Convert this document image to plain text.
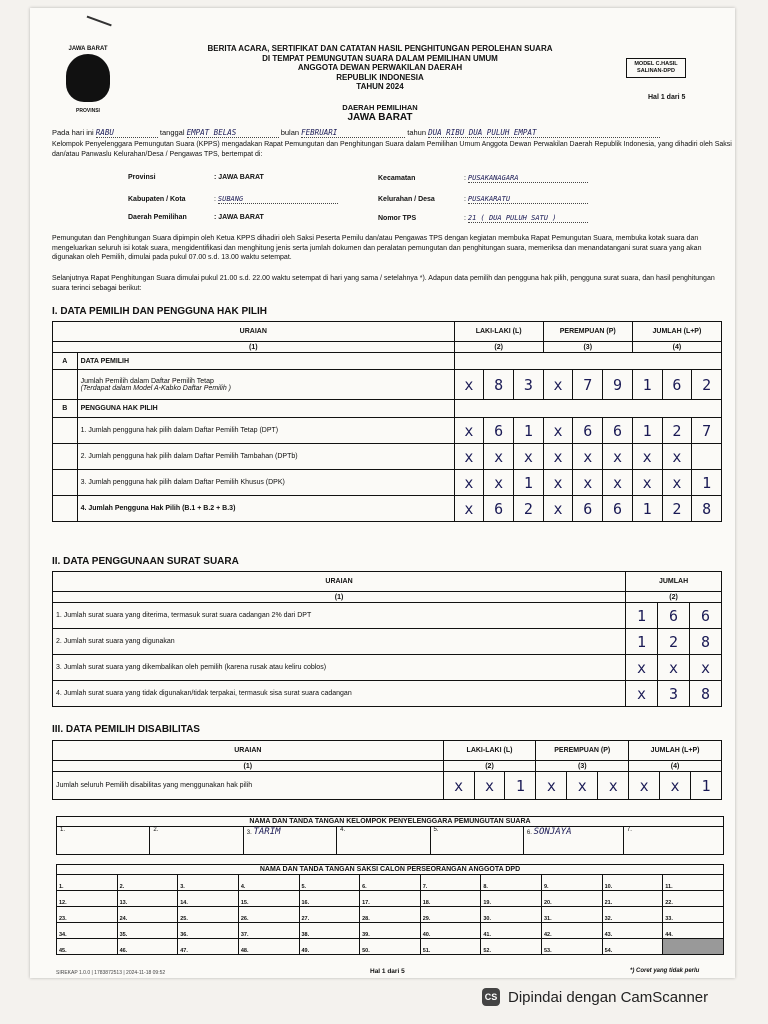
JAWA BARAT
PROVINSI
BERITA ACARA, SERTIFIKAT DAN CATATAN HASIL PENGHITUNGAN PEROLEHAN SUARA
DI TEMPAT PEMUNGUTAN SUARA DALAM PEMILIHAN UMUM
ANGGOTA DEWAN PERWAKILAN DAERAH
REPUBLIK INDONESIA
TAHUN 2024
MODEL C.HASIL
SALINAN-DPD
Hal 1 dari 5
DAERAH PEMILIHAN
JAWA BARAT
Pada hari ini RABU	tanggal EMPAT BELAS	bulan FEBRUARI	tahun DUA RIBU DUA PULUH EMPAT
Kelompok Penyelenggara Pemungutan Suara (KPPS) mengadakan Rapat Pemungutan dan Penghitungan Suara dalam Pemilihan Umum Anggota Dewan Perwakilan Daerah Republik Indonesia, yang dihadiri oleh Saksi dan/atau Panwaslu Kelurahan/Desa / Pengawas TPS, bertempat di:
Provinsi	: JAWA BARAT
Kabupaten / Kota	: SUBANG
Daerah Pemilihan	: JAWA BARAT
Kecamatan	: PUSAKANAGARA
Kelurahan / Desa	: PUSAKARATU
Nomor TPS	: 21 ( DUA PULUH SATU )
Pemungutan dan Penghitungan Suara dipimpin oleh Ketua KPPS dihadiri oleh Saksi Peserta Pemilu dan/atau Pengawas TPS dengan kegiatan membuka Rapat Pemungutan Suara, membuka kotak suara dan mengeluarkan seluruh isi kotak suara, mengidentifikasi dan menghitung jenis serta jumlah dokumen dan peralatan pemungutan dan penghitungan suara, memeriksa dan menandatangani surat suara yang akan digunakan oleh Pemilih, dimulai pada pukul 07.00 s.d. 13.00 waktu setempat.
Selanjutnya Rapat Penghitungan Suara dimulai pukul 21.00 s.d. 22.00 waktu setempat di hari yang sama / setelahnya *). Adapun data pemilih dan pengguna hak pilih, pengguna surat suara, dan hasil penghitungan suara terinci sebagai berikut:
I. DATA PEMILIH DAN PENGGUNA HAK PILIH
URAIAN		LAKI-LAKI (L)			PEREMPUAN (P)			JUMLAH (L+P)		
(1)		(2)			(3)			(4)		
A	DATA PEMILIH									

	Jumlah Pemilih dalam Daftar Pemilih Tetap
(Terdapat dalam Model A-Kabko Daftar Pemilih )	x	8	3	x	7	9	1	6	2
B	PENGGUNA HAK PILIH									
	1. Jumlah pengguna hak pilih dalam Daftar Pemilih Tetap (DPT)	x	6	1	x	6	6	1	2	7
	2. Jumlah pengguna hak pilih dalam Daftar Pemilih Tambahan (DPTb)	x	x	x	x	x	x	x	x	
	3. Jumlah pengguna hak pilih dalam Daftar Pemilih Khusus (DPK)	x	x	1	x	x	x	x	x	1
	4. Jumlah Pengguna Hak Pilih (B.1 + B.2 + B.3)	x	6	2	x	6	6	1	2	8
II. DATA PENGGUNAAN SURAT SUARA
URAIAN	JUMLAH		
(1)	(2)		
1. Jumlah surat suara yang diterima, termasuk surat suara cadangan 2% dari DPT	1	6	6
2. Jumlah surat suara yang digunakan	1	2	8
3. Jumlah surat suara yang dikembalikan oleh pemilih (karena rusak atau keliru coblos)	x	x	x
4. Jumlah surat suara yang tidak digunakan/tidak terpakai, termasuk sisa surat suara cadangan	x	3	8
III. DATA PEMILIH DISABILITAS
URAIAN	LAKI-LAKI (L)			PEREMPUAN (P)			JUMLAH (L+P)		
(1)	(2)			(3)			(4)		
Jumlah seluruh Pemilih disabilitas yang menggunakan hak pilih	x	x	1	x	x	x	x	x	1
NAMA DAN TANDA TANGAN KELOMPOK PENYELENGGARA PEMUNGUTAN SUARA
1.	2.	3. TARIM	4.	5.	6. SONJAYA	7.
NAMA DAN TANDA TANGAN SAKSI CALON PERSEORANGAN ANGGOTA DPD										
1.	2.	3.	4.	5.	6.	7.	8.	9.	10.	11.
12.	13.	14.	15.	16.	17.	18.	19.	20.	21.	22.
23.	24.	25.	26.	27.	28.	29.	30.	31.	32.	33.
34.	35.	36.	37.	38.	39.	40.	41.	42.	43.	44.
45.	46.	47.	48.	49.	50.	51.	52.	53.	54.	
SIREKAP 1.0.0 | 1783872513 | 2024-11-18 09:52	Hal 1 dari 5	*) Coret yang tidak perlu
CS Dipindai dengan CamScanner
